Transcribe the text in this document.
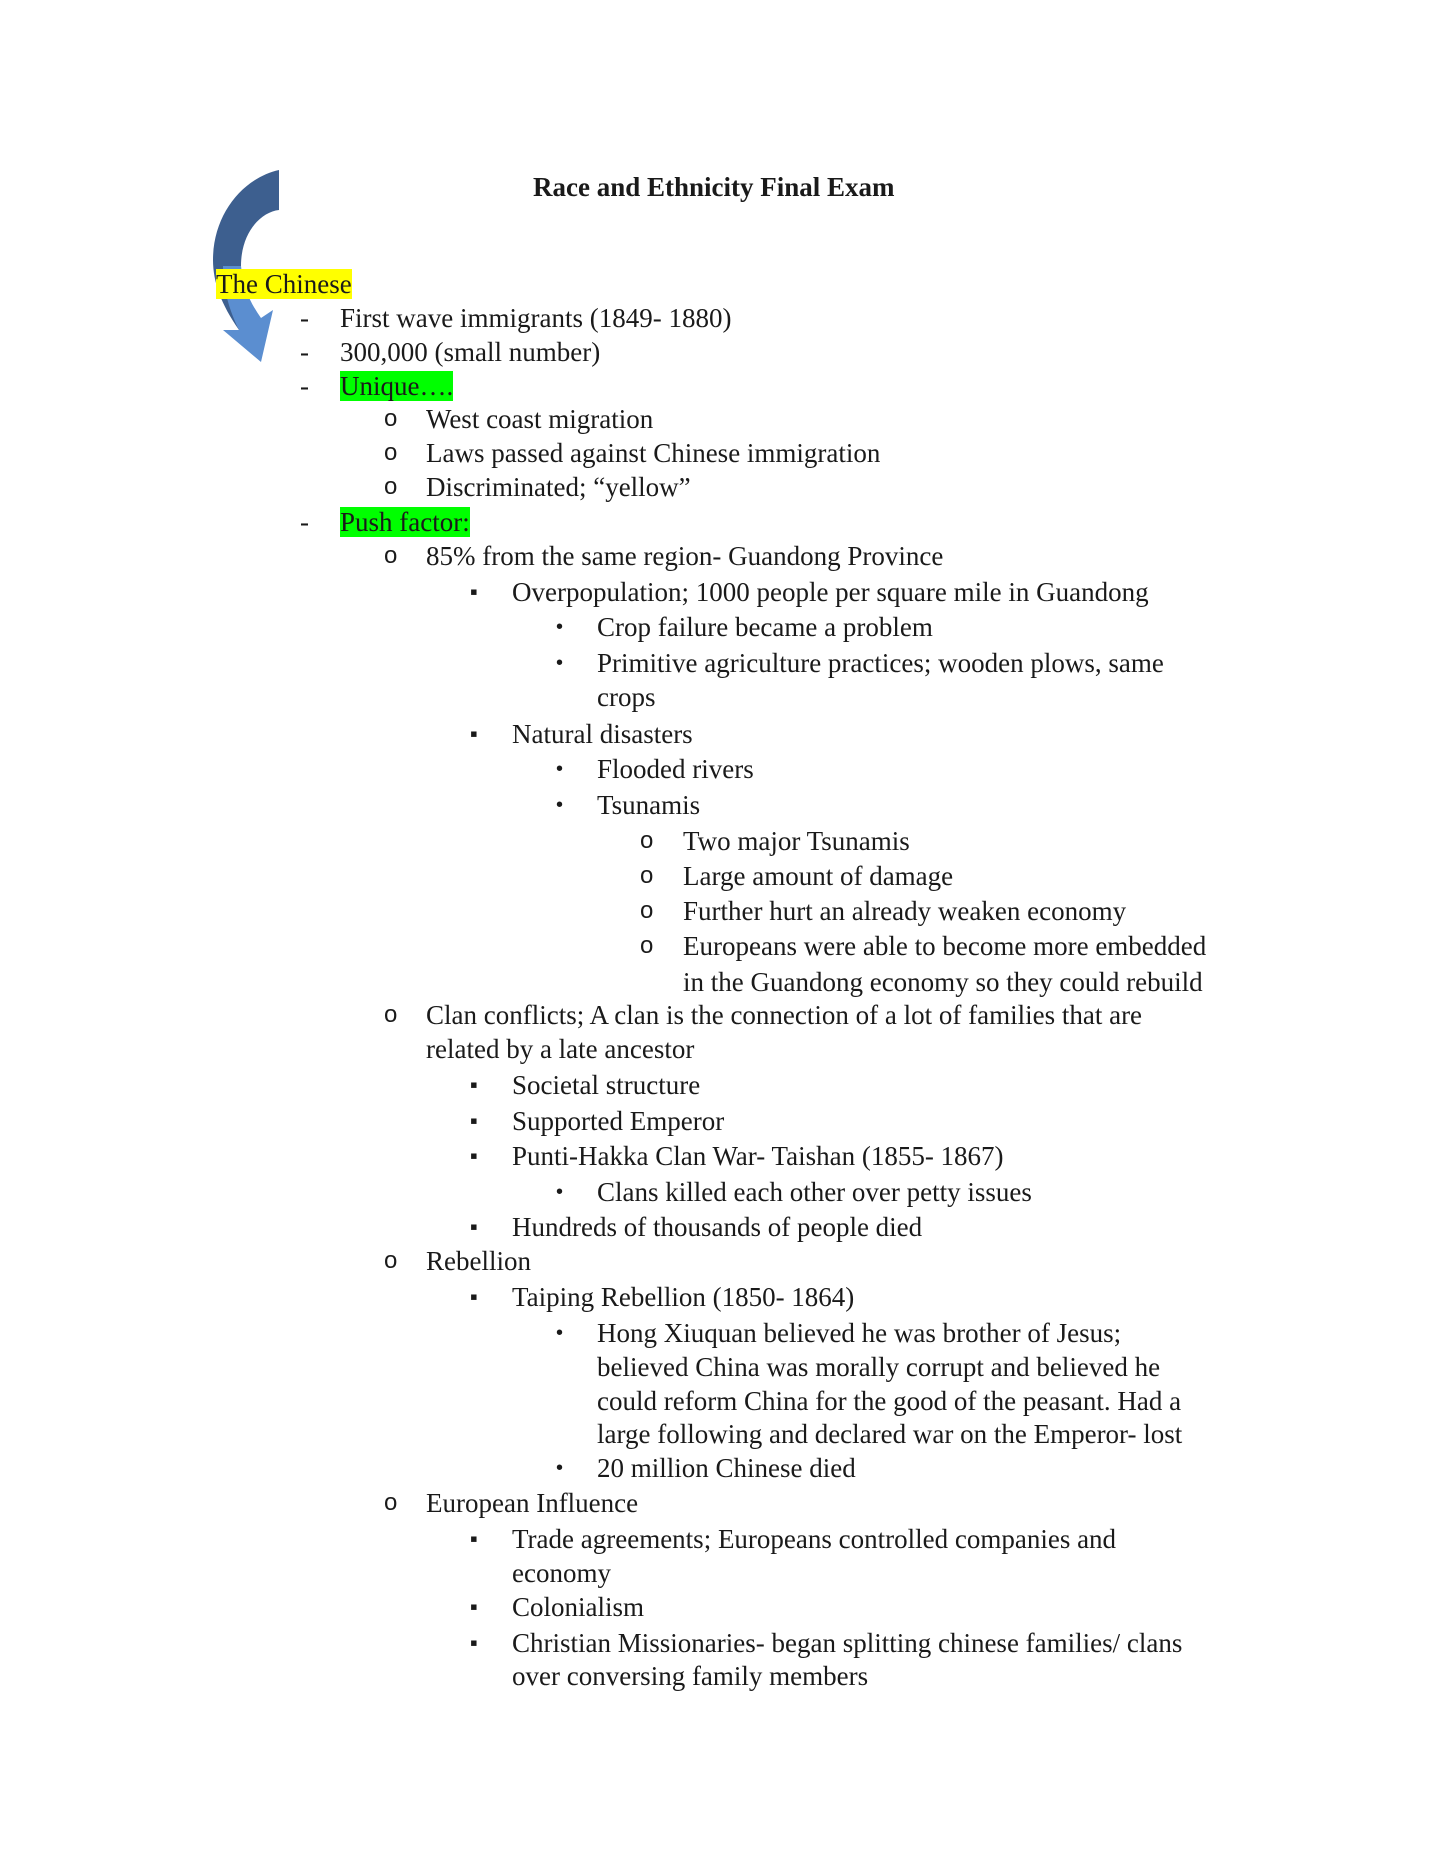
Race and Ethnicity Final Exam
The Chinese
- First wave immigrants (1849- 1880)
- 300,000 (small number)
- Unique….
o West coast migration
o Laws passed against Chinese immigration
o Discriminated; “yellow”
- Push factor:
o 85% from the same region- Guandong Province
▪ Overpopulation; 1000 people per square mile in Guandong
• Crop failure became a problem
• Primitive agriculture practices; wooden plows, same
crops
▪ Natural disasters
• Flooded rivers
• Tsunamis
o Two major Tsunamis
o Large amount of damage
o Further hurt an already weaken economy
o Europeans were able to become more embedded
in the Guandong economy so they could rebuild
o Clan conflicts; A clan is the connection of a lot of families that are
related by a late ancestor
▪ Societal structure
▪ Supported Emperor
▪ Punti-Hakka Clan War- Taishan (1855- 1867)
• Clans killed each other over petty issues
▪ Hundreds of thousands of people died
o Rebellion
▪ Taiping Rebellion (1850- 1864)
• Hong Xiuquan believed he was brother of Jesus;
believed China was morally corrupt and believed he
could reform China for the good of the peasant. Had a
large following and declared war on the Emperor- lost
• 20 million Chinese died
o European Influence
▪ Trade agreements; Europeans controlled companies and
economy
▪ Colonialism
▪ Christian Missionaries- began splitting chinese families/ clans
over conversing family members
